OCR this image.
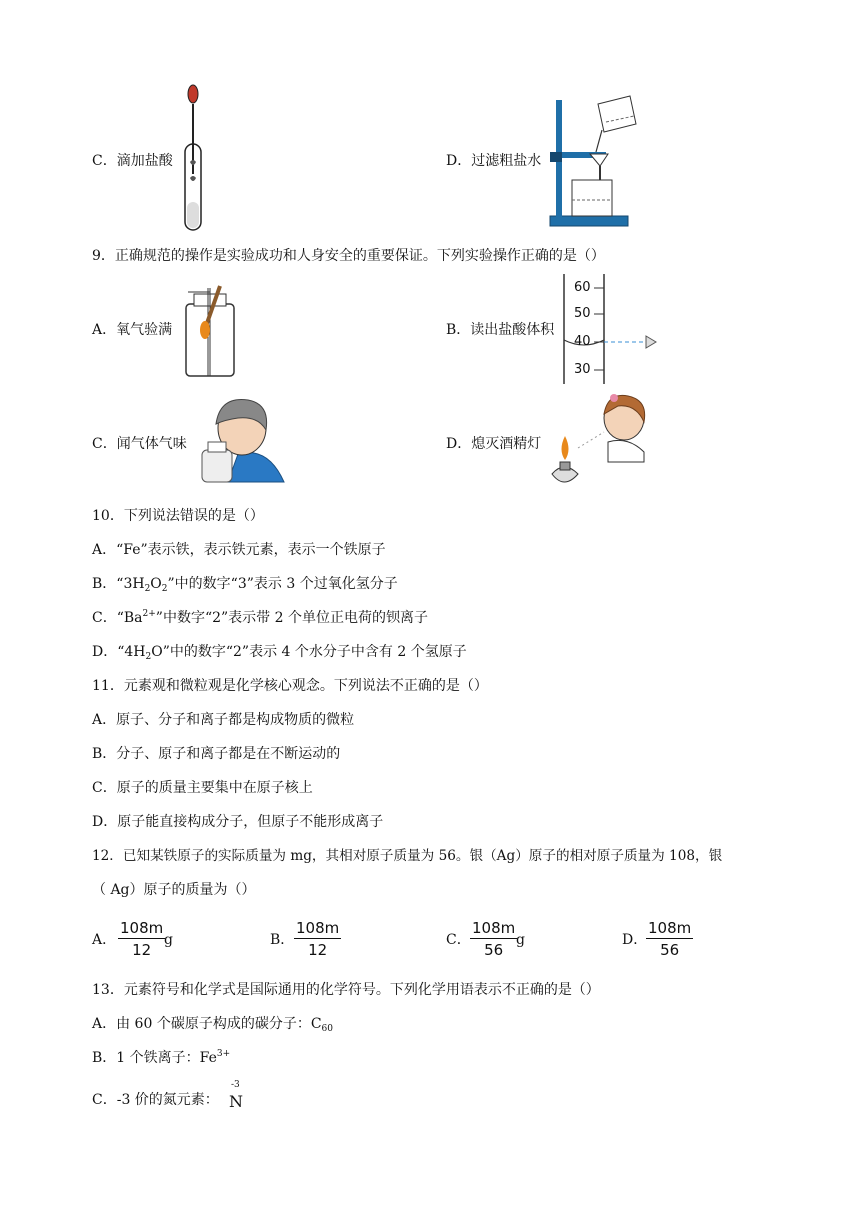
C．滴加盐酸	D．过滤粗盐水
9．正确规范的操作是实验成功和人身安全的重要保证。下列实验操作正确的是（）
A．氧气验满	B．读出盐酸体积
60
50
40
30
C．闻气体气味	D．熄灭酒精灯
10．下列说法错误的是（）
A．“Fe”表示铁，表示铁元素，表示一个铁原子
B．“$3H_2O_2$”中的数字“3”表示 3 个过氧化氢分子
C．“$Ba^{2+}$”中数字“2”表示带 2 个单位正电荷的钡离子
D．“$4H_2O$”中的数字“2”表示 4 个水分子中含有 2 个氢原子
11．元素观和微粒观是化学核心观念。下列说法不正确的是（）
A．原子、分子和离子都是构成物质的微粒
B．分子、原子和离子都是在不断运动的
C．原子的质量主要集中在原子核上
D．原子能直接构成分子，但原子不能形成离子
12．已知某铁原子的实际质量为 mg，其相对原子质量为 56。银（Ag）原子的相对原子质量为 108，银
（ Ag）原子的质量为（）
A．
108m
12
g	B．
108m
12
C．
108m
56
g	D．
108m
56
13．元素符号和化学式是国际通用的化学符号。下列化学用语表示不正确的是（）
A．由 60 个碳原子构成的碳分子：$C_{60}$
B．1 个铁离子：$Fe^{3+}$
C．-3 价的氮元素：
-3
N
